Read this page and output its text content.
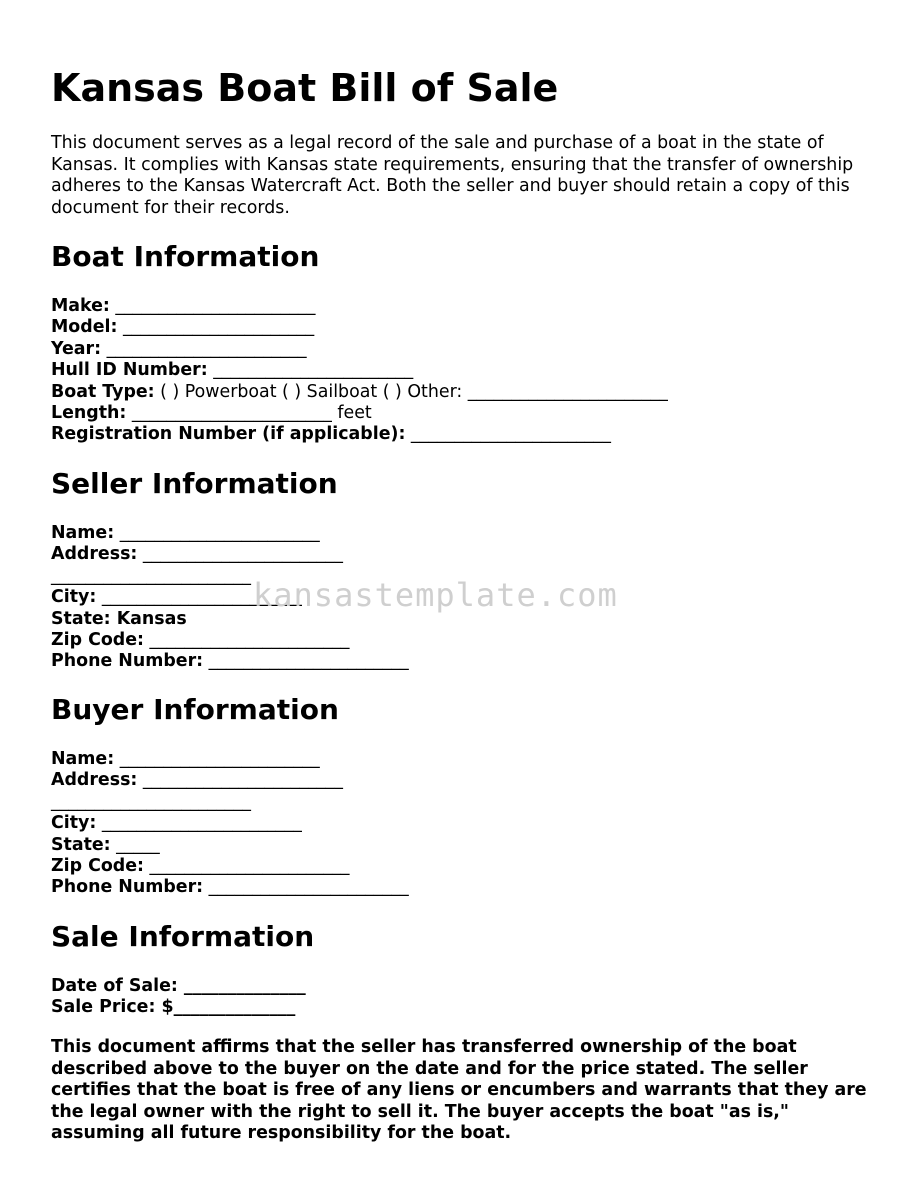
Kansas Boat Bill of Sale

This document serves as a legal record of the sale and purchase of a boat in the state of Kansas. It complies with Kansas state requirements, ensuring that the transfer of ownership adheres to the Kansas Watercraft Act. Both the seller and buyer should retain a copy of this document for their records.

Boat Information
Make: _______________________
Model: ______________________
Year: _______________________
Hull ID Number: _______________________
Boat Type: ( ) Powerboat ( ) Sailboat ( ) Other: _______________________
Length: _______________________ feet
Registration Number (if applicable): _______________________
Seller Information
Name: _______________________
Address: _______________________
_______________________
City: _______________________
State: Kansas
Zip Code: _______________________
Phone Number: _______________________
Buyer Information
Name: _______________________
Address: _______________________
_______________________
City: _______________________
State: _____
Zip Code: _______________________
Phone Number: _______________________
Sale Information
Date of Sale: ______________
Sale Price: $______________

This document affirms that the seller has transferred ownership of the boat described above to the buyer on the date and for the price stated. The seller certifies that the boat is free of any liens or encumbers and warrants that they are the legal owner with the right to sell it. The buyer accepts the boat "as is," assuming all future responsibility for the boat.

kansastemplate.com
